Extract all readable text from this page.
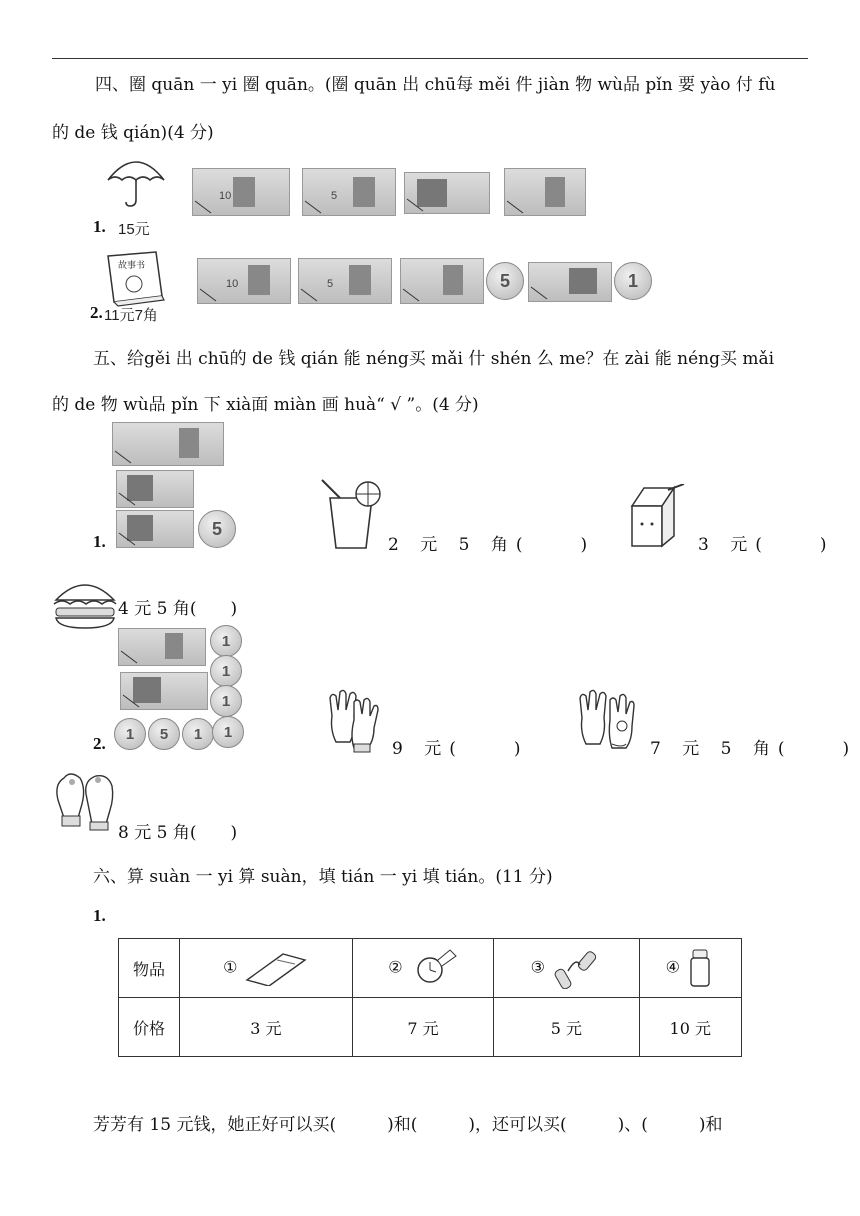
四、圈 quān 一 yi 圈 quān。(圈 quān 出 chū每 měi 件 jiàn 物 wù品 pǐn 要 yào 付 fù
的 de 钱 qián)(4 分)
1. 15元
10	5
故事书
2. 11元7角
10	5	5	1
五、给gěi 出 chū的 de 钱 qián 能 néng买 mǎi 什 shén 么 me？在 zài 能 néng买 mǎi
的 de 物 wù品 pǐn 下 xià面 miàn 画 huà“ √ ”。(4 分)
5
1.	2 元 5 角(　　)	3 元(　　)
4 元 5 角(　　)
1
1
1
1	5	1	1
2.	9 元(　　)	7 元 5 角(　　)
8 元 5 角(　　)
六、算 suàn 一 yi 算 suàn，填 tián 一 yi 填 tián。(11 分)
1.
物品	①	②	③	④
价格	3 元	7 元	5 元	10 元
芳芳有 15 元钱，她正好可以买(　　　)和(　　　)，还可以买(　　　)、(　　　)和
